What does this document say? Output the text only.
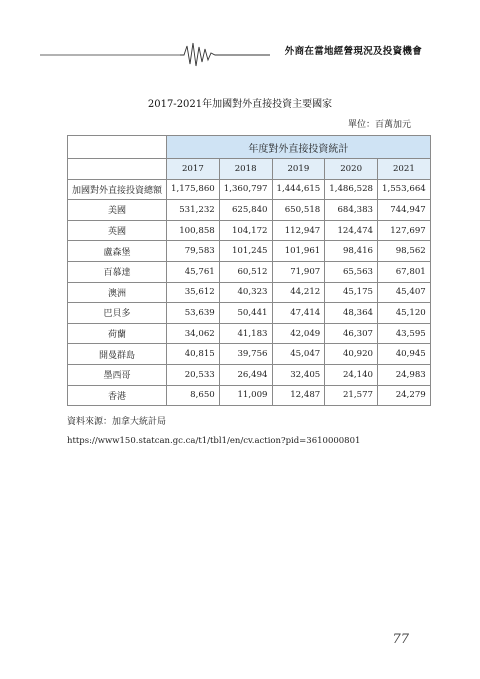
外商在當地經營現況及投資機會
2017-2021年加國對外直接投資主要國家
單位：百萬加元
	年度對外直接投資統計				
	2017	2018	2019	2020	2021
加國對外直接投資總額	1,175,860	1,360,797	1,444,615	1,486,528	1,553,664
美國	531,232	625,840	650,518	684,383	744,947
英國	100,858	104,172	112,947	124,474	127,697
盧森堡	79,583	101,245	101,961	98,416	98,562
百慕達	45,761	60,512	71,907	65,563	67,801
澳洲	35,612	40,323	44,212	45,175	45,407
巴貝多	53,639	50,441	47,414	48,364	45,120
荷蘭	34,062	41,183	42,049	46,307	43,595
開曼群島	40,815	39,756	45,047	40,920	40,945
墨西哥	20,533	26,494	32,405	24,140	24,983
香港	8,650	11,009	12,487	21,577	24,279
資料來源：加拿大統計局
https://www150.statcan.gc.ca/t1/tbl1/en/cv.action?pid=3610000801
77
